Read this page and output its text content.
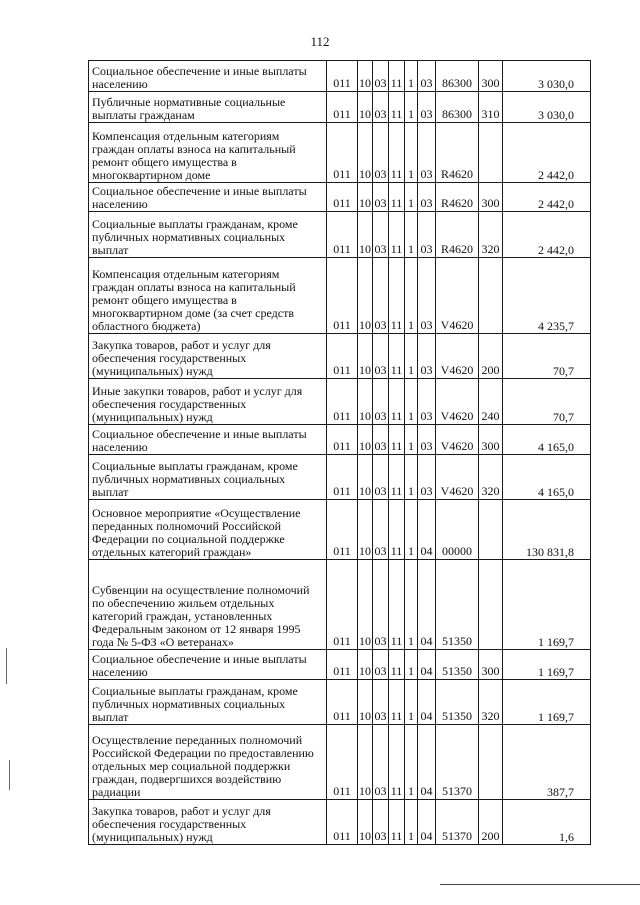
112
Социальное обеспечение и иные выплаты населению	011	10	03	11	1	03	86300	300	3 030,0
Публичные нормативные социальные выплаты гражданам	011	10	03	11	1	03	86300	310	3 030,0
Компенсация отдельным категориям граждан оплаты взноса на капитальный ремонт общего имущества в многоквартирном доме	011	10	03	11	1	03	R4620		2 442,0
Социальное обеспечение и иные выплаты населению	011	10	03	11	1	03	R4620	300	2 442,0
Социальные выплаты гражданам, кроме публичных нормативных социальных выплат	011	10	03	11	1	03	R4620	320	2 442,0
Компенсация отдельным категориям граждан оплаты взноса на капитальный ремонт общего имущества в многоквартирном доме (за счет средств областного бюджета)	011	10	03	11	1	03	V4620		4 235,7
Закупка товаров, работ и услуг для обеспечения государственных (муниципальных) нужд	011	10	03	11	1	03	V4620	200	70,7
Иные закупки товаров, работ и услуг для обеспечения государственных (муниципальных) нужд	011	10	03	11	1	03	V4620	240	70,7
Социальное обеспечение и иные выплаты населению	011	10	03	11	1	03	V4620	300	4 165,0
Социальные выплаты гражданам, кроме публичных нормативных социальных выплат	011	10	03	11	1	03	V4620	320	4 165,0
Основное мероприятие «Осуществление переданных полномочий Российской Федерации по социальной поддержке отдельных категорий граждан»	011	10	03	11	1	04	00000		130 831,8
Субвенции на осуществление полномочий по обеспечению жильем отдельных категорий граждан, установленных Федеральным законом от 12 января 1995 года № 5-ФЗ «О ветеранах»	011	10	03	11	1	04	51350		1 169,7
Социальное обеспечение и иные выплаты населению	011	10	03	11	1	04	51350	300	1 169,7
Социальные выплаты гражданам, кроме публичных нормативных социальных выплат	011	10	03	11	1	04	51350	320	1 169,7
Осуществление переданных полномочий Российской Федерации по предоставлению отдельных мер социальной поддержки граждан, подвергшихся воздействию радиации	011	10	03	11	1	04	51370		387,7
Закупка товаров, работ и услуг для обеспечения государственных (муниципальных) нужд	011	10	03	11	1	04	51370	200	1,6
